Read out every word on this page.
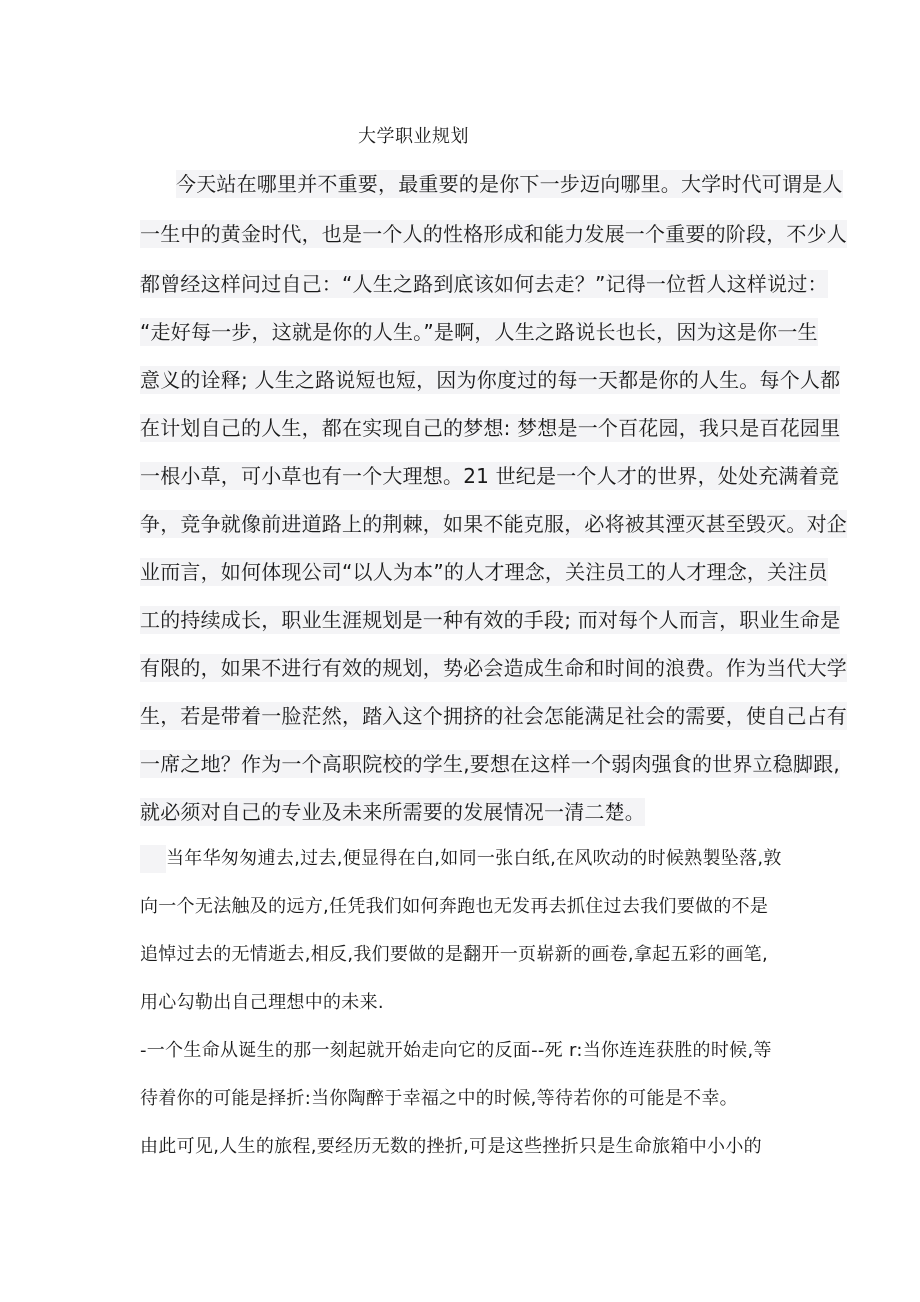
大学职业规划
今天站在哪里并不重要，最重要的是你下一步迈向哪里。大学时代可谓是人
一生中的黄金时代，也是一个人的性格形成和能力发展一个重要的阶段，不少人
都曾经这样问过自己：“人生之路到底该如何去走？”记得一位哲人这样说过：
“走好每一步，这就是你的人生。”是啊，人生之路说长也长，因为这是你一生
意义的诠释; 人生之路说短也短，因为你度过的每一天都是你的人生。每个人都
在计划自己的人生，都在实现自己的梦想: 梦想是一个百花园，我只是百花园里
一根小草，可小草也有一个大理想。21 世纪是一个人才的世界，处处充满着竞
争，竞争就像前进道路上的荆棘，如果不能克服，必将被其湮灭甚至毁灭。对企
业而言，如何体现公司“以人为本”的人才理念，关注员工的人才理念，关注员
工的持续成长，职业生涯规划是一种有效的手段; 而对每个人而言，职业生命是
有限的，如果不进行有效的规划，势必会造成生命和时间的浪费。作为当代大学
生，若是带着一脸茫然，踏入这个拥挤的社会怎能满足社会的需要，使自己占有
一席之地？作为一个高职院校的学生,要想在这样一个弱肉强食的世界立稳脚跟,
就必须对自己的专业及未来所需要的发展情况一清二楚。
当年华匆匆逋去,过去,便显得在白,如同一张白纸,在风吹动的时候熟製坠落,敦
向一个无法触及的远方,任凭我们如何奔跑也无发再去抓住过去我们要做的不是
追悼过去的无情逝去,相反,我们要做的是翻开一页崭新的画卷,拿起五彩的画笔,
用心勾勒出自己理想中的未来.
-一个生命从诞生的那一刻起就开始走向它的反面--死 r:当你连连获胜的时候,等
待着你的可能是择折:当你陶醉于幸福之中的时候,等待若你的可能是不幸。
由此可见,人生的旅程,要经历无数的挫折,可是这些挫折只是生命旅箱中小小的
